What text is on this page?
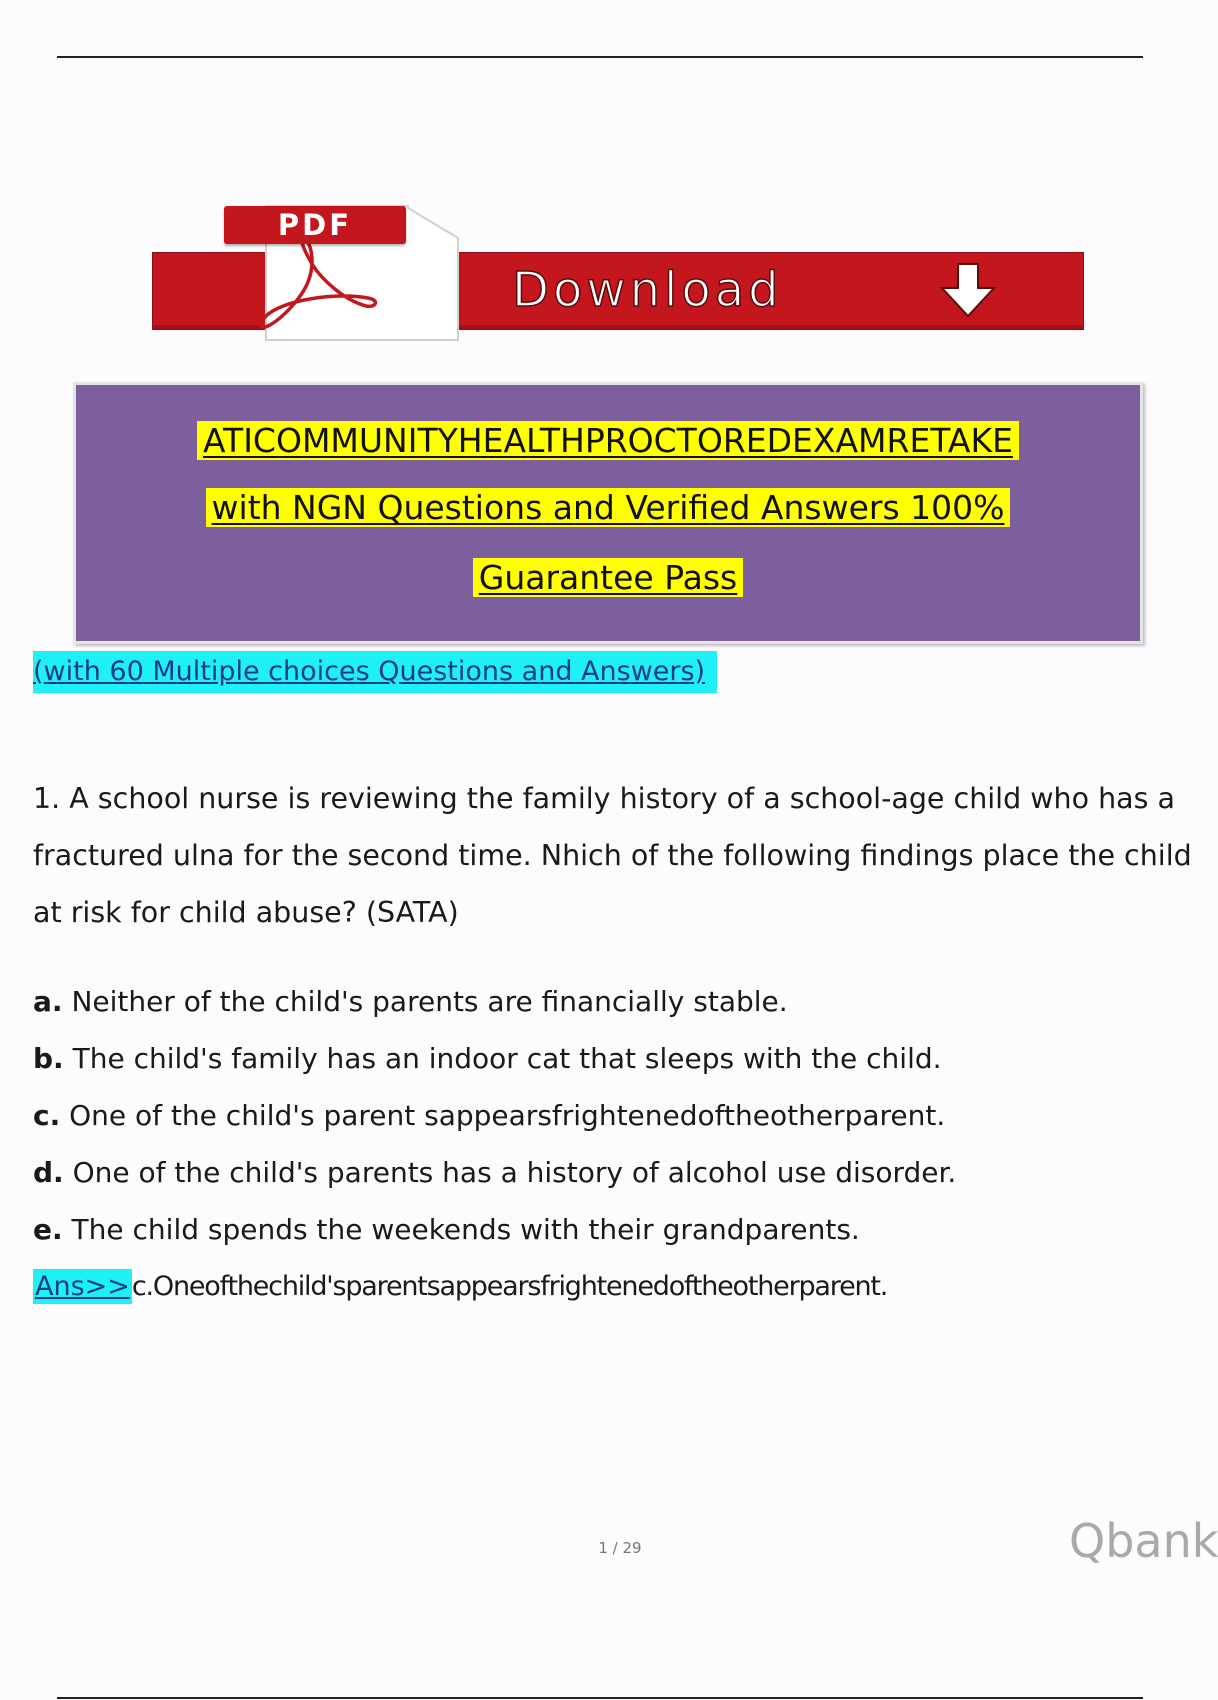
PDF
Download
ATICOMMUNITYHEALTHPROCTOREDEXAMRETAKE
with NGN Questions and Verified Answers 100%
Guarantee Pass
(with 60 Multiple choices Questions and Answers)
1. A school nurse is reviewing the family history of a school-age child who has a
fractured ulna for the second time. Nhich of the following findings place the child
at risk for child abuse? (SATA)
a. Neither of the child's parents are financially stable.
b. The child's family has an indoor cat that sleeps with the child.
c. One of the child's parent sappearsfrightenedoftheotherparent.
d. One of the child's parents has a history of alcohol use disorder.
e. The child spends the weekends with their grandparents.
Ans>>c.Oneofthechild'sparentsappearsfrightenedoftheotherparent.
1 / 29	Qbank
